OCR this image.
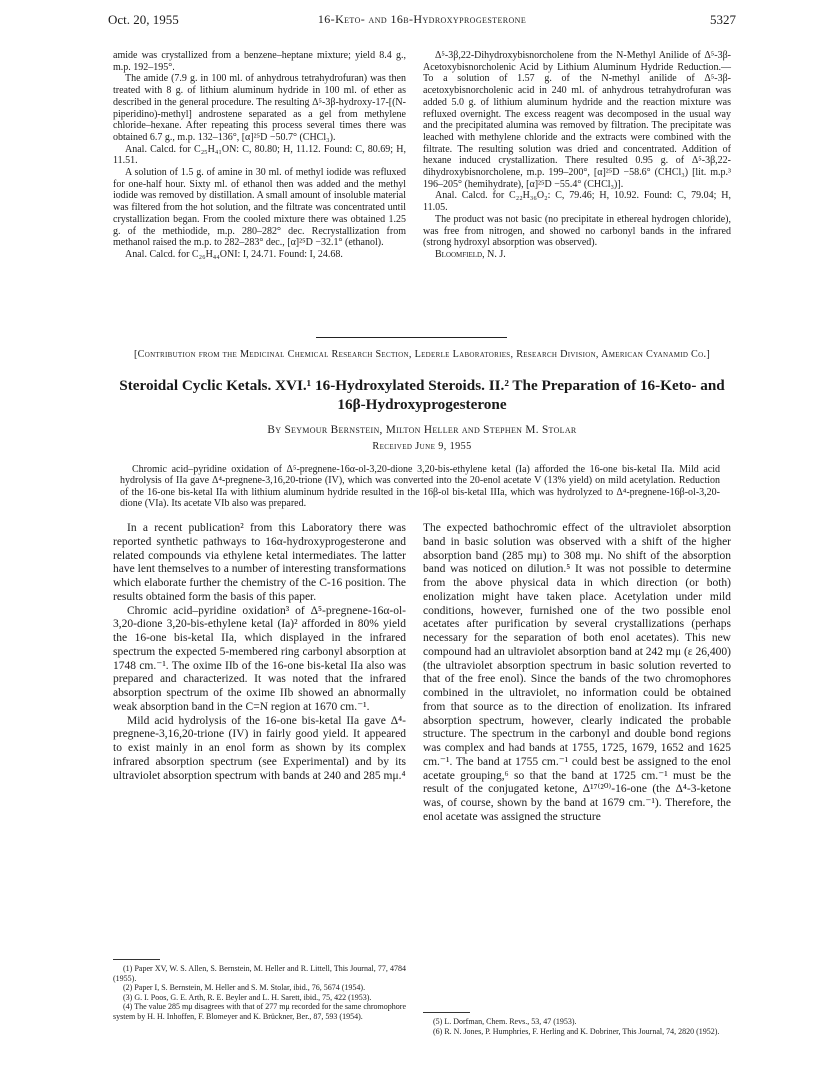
Oct. 20, 1955	16-Keto- and 16β-Hydroxyprogesterone	5327

amide was crystallized from a benzene–heptane mixture; yield 8.4 g., m.p. 192–195°.

The amide (7.9 g. in 100 ml. of anhydrous tetrahydrofuran) was then treated with 8 g. of lithium aluminum hydride in 100 ml. of ether as described in the general procedure. The resulting Δ⁵-3β-hydroxy-17-[(N-piperidino)-methyl] androstene separated as a gel from methylene chloride–hexane. After repeating this process several times there was obtained 6.7 g., m.p. 132–136°, [α]²⁵D −50.7° (CHCl₃).

Anal. Calcd. for C₂₅H₄₁ON: C, 80.80; H, 11.12. Found: C, 80.69; H, 11.51.

A solution of 1.5 g. of amine in 30 ml. of methyl iodide was refluxed for one-half hour. Sixty ml. of ethanol then was added and the methyl iodide was removed by distillation. A small amount of insoluble material was filtered from the hot solution, and the filtrate was concentrated until crystallization began. From the cooled mixture there was obtained 1.25 g. of the methiodide, m.p. 280–282° dec. Recrystallization from methanol raised the m.p. to 282–283° dec., [α]²⁵D −32.1° (ethanol).

Anal. Calcd. for C₂₆H₄₄ONI: I, 24.71. Found: I, 24.68.

Δ⁵-3β,22-Dihydroxybisnorcholene from the N-Methyl Anilide of Δ⁵-3β-Acetoxybisnorcholenic Acid by Lithium Aluminum Hydride Reduction.—To a solution of 1.57 g. of the N-methyl anilide of Δ⁵-3β-acetoxybisnorcholenic acid in 240 ml. of anhydrous tetrahydrofuran was added 5.0 g. of lithium aluminum hydride and the reaction mixture was refluxed overnight. The excess reagent was decomposed in the usual way and the precipitated alumina was removed by filtration. The precipitate was leached with methylene chloride and the extracts were combined with the filtrate. The resulting solution was dried and concentrated. Addition of hexane induced crystallization. There resulted 0.95 g. of Δ⁵-3β,22-dihydroxybisnorcholene, m.p. 199–200°, [α]²⁵D −58.6° (CHCl₃) [lit. m.p.³ 196–205° (hemihydrate), [α]²⁵D −55.4° (CHCl₃)].

Anal. Calcd. for C₂₂H₃₆O₂: C, 79.46; H, 10.92. Found: C, 79.04; H, 11.05.

The product was not basic (no precipitate in ethereal hydrogen chloride), was free from nitrogen, and showed no carbonyl bands in the infrared (strong hydroxyl absorption was observed).

Bloomfield, N. J.

[Contribution from the Medicinal Chemical Research Section, Lederle Laboratories, Research Division, American Cyanamid Co.]
Steroidal Cyclic Ketals. XVI.¹ 16-Hydroxylated Steroids. II.² The Preparation of 16-Keto- and 16β-Hydroxyprogesterone
By Seymour Bernstein, Milton Heller and Stephen M. Stolar
Received June 9, 1955
Chromic acid–pyridine oxidation of Δ⁵-pregnene-16α-ol-3,20-dione 3,20-bis-ethylene ketal (Ia) afforded the 16-one bis-ketal IIa. Mild acid hydrolysis of IIa gave Δ⁴-pregnene-3,16,20-trione (IV), which was converted into the 20-enol acetate V (13% yield) on mild acetylation. Reduction of the 16-one bis-ketal IIa with lithium aluminum hydride resulted in the 16β-ol bis-ketal IIIa, which was hydrolyzed to Δ⁴-pregnene-16β-ol-3,20-dione (VIa). Its acetate VIb also was prepared.

In a recent publication² from this Laboratory there was reported synthetic pathways to 16α-hydroxyprogesterone and related compounds via ethylene ketal intermediates. The latter have lent themselves to a number of interesting transformations which elaborate further the chemistry of the C-16 position. The results obtained form the basis of this paper.

Chromic acid–pyridine oxidation³ of Δ⁵-pregnene-16α-ol-3,20-dione 3,20-bis-ethylene ketal (Ia)² afforded in 80% yield the 16-one bis-ketal IIa, which displayed in the infrared spectrum the expected 5-membered ring carbonyl absorption at 1748 cm.⁻¹. The oxime IIb of the 16-one bis-ketal IIa also was prepared and characterized. It was noted that the infrared absorption spectrum of the oxime IIb showed an abnormally weak absorption band in the C=N region at 1670 cm.⁻¹.

Mild acid hydrolysis of the 16-one bis-ketal IIa gave Δ⁴-pregnene-3,16,20-trione (IV) in fairly good yield. It appeared to exist mainly in an enol form as shown by its complex infrared absorption spectrum (see Experimental) and by its ultraviolet absorption spectrum with bands at 240 and 285 mμ.⁴

The expected bathochromic effect of the ultraviolet absorption band in basic solution was observed with a shift of the higher absorption band (285 mμ) to 308 mμ. No shift of the absorption band was noticed on dilution.⁵ It was not possible to determine from the above physical data in which direction (or both) enolization might have taken place. Acetylation under mild conditions, however, furnished one of the two possible enol acetates after purification by several crystallizations (perhaps necessary for the separation of both enol acetates). This new compound had an ultraviolet absorption band at 242 mμ (ε 26,400) (the ultraviolet absorption spectrum in basic solution reverted to that of the free enol). Since the bands of the two chromophores combined in the ultraviolet, no information could be obtained from that source as to the direction of enolization. Its infrared absorption spectrum, however, clearly indicated the probable structure. The spectrum in the carbonyl and double bond regions was complex and had bands at 1755, 1725, 1679, 1652 and 1625 cm.⁻¹. The band at 1755 cm.⁻¹ could best be assigned to the enol acetate grouping,⁶ so that the band at 1725 cm.⁻¹ must be the result of the conjugated ketone, Δ¹⁷⁽²⁰⁾-16-one (the Δ⁴-3-ketone was, of course, shown by the band at 1679 cm.⁻¹). Therefore, the enol acetate was assigned the structure

(1) Paper XV, W. S. Allen, S. Bernstein, M. Heller and R. Littell, This Journal, 77, 4784 (1955).

(2) Paper I, S. Bernstein, M. Heller and S. M. Stolar, ibid., 76, 5674 (1954).

(3) G. I. Poos, G. E. Arth, R. E. Beyler and L. H. Sarett, ibid., 75, 422 (1953).

(4) The value 285 mμ disagrees with that of 277 mμ recorded for the same chromophore system by H. H. Inhoffen, F. Blomeyer and K. Brückner, Ber., 87, 593 (1954).

(5) L. Dorfman, Chem. Revs., 53, 47 (1953).

(6) R. N. Jones, P. Humphries, F. Herling and K. Dobriner, This Journal, 74, 2820 (1952).
